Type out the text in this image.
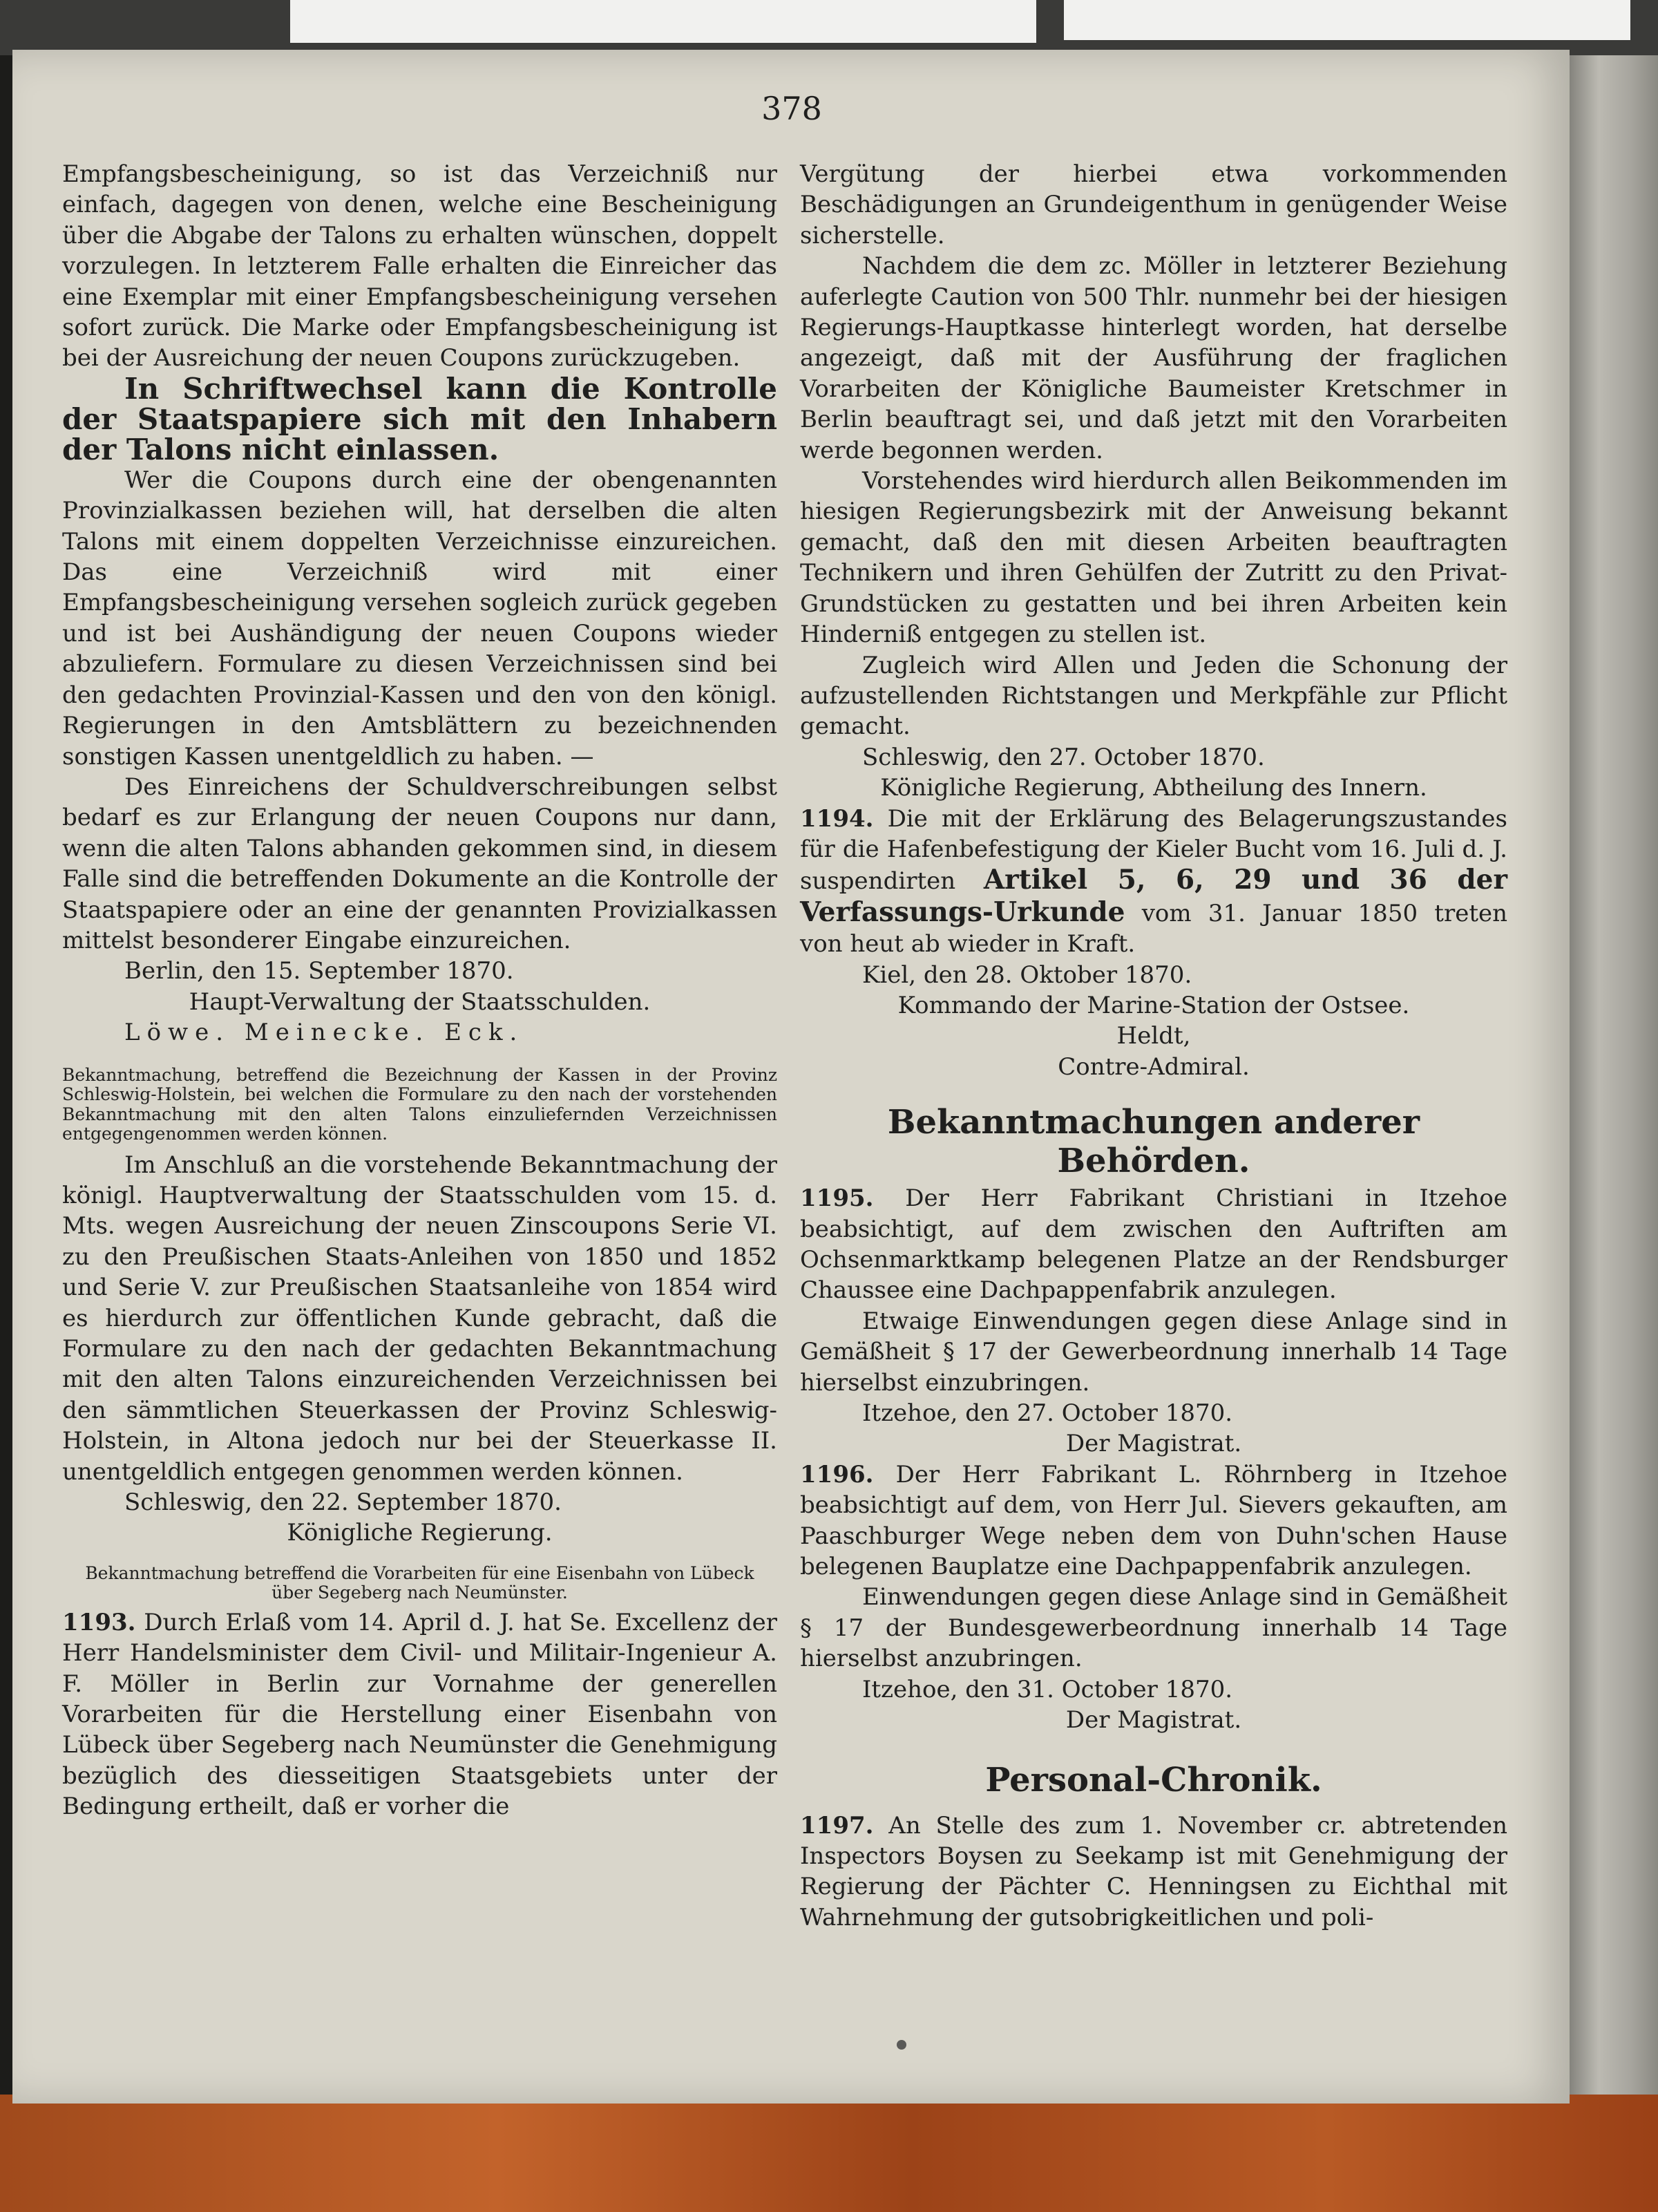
378

Empfangsbescheinigung, so ist das Verzeichniß nur einfach, dagegen von denen, welche eine Bescheinigung über die Abgabe der Talons zu erhalten wünschen, doppelt vorzulegen. In letzterem Falle erhalten die Einreicher das eine Exemplar mit einer Empfangsbescheinigung versehen sofort zurück. Die Marke oder Empfangsbescheinigung ist bei der Ausreichung der neuen Coupons zurückzugeben.

In Schriftwechsel kann die Kontrolle der Staatspapiere sich mit den Inhabern der Talons nicht einlassen.

Wer die Coupons durch eine der obengenannten Provinzialkassen beziehen will, hat derselben die alten Talons mit einem doppelten Verzeichnisse einzureichen. Das eine Verzeichniß wird mit einer Empfangsbescheinigung versehen sogleich zurück gegeben und ist bei Aushändigung der neuen Coupons wieder abzuliefern. Formulare zu diesen Verzeichnissen sind bei den gedachten Provinzial-Kassen und den von den königl. Regierungen in den Amtsblättern zu bezeichnenden sonstigen Kassen unentgeldlich zu haben. —

Des Einreichens der Schuldverschreibungen selbst bedarf es zur Erlangung der neuen Coupons nur dann, wenn die alten Talons abhanden gekommen sind, in diesem Falle sind die betreffenden Dokumente an die Kontrolle der Staatspapiere oder an eine der genannten Provizialkassen mittelst besonderer Eingabe einzureichen.

Berlin, den 15. September 1870.

Haupt-Verwaltung der Staatsschulden.

Löwe. Meinecke. Eck.

Bekanntmachung, betreffend die Bezeichnung der Kassen in der Provinz Schleswig-Holstein, bei welchen die Formulare zu den nach der vorstehenden Bekanntmachung mit den alten Talons einzuliefernden Verzeichnissen entgegengenommen werden können.

Im Anschluß an die vorstehende Bekanntmachung der königl. Hauptverwaltung der Staatsschulden vom 15. d. Mts. wegen Ausreichung der neuen Zinscoupons Serie VI. zu den Preußischen Staats-Anleihen von 1850 und 1852 und Serie V. zur Preußischen Staatsanleihe von 1854 wird es hierdurch zur öffentlichen Kunde gebracht, daß die Formulare zu den nach der gedachten Bekanntmachung mit den alten Talons einzureichenden Verzeichnissen bei den sämmtlichen Steuerkassen der Provinz Schleswig-Holstein, in Altona jedoch nur bei der Steuerkasse II. unentgeldlich entgegen genommen werden können.

Schleswig, den 22. September 1870.

Königliche Regierung.

Bekanntmachung betreffend die Vorarbeiten für eine Eisenbahn von Lübeck über Segeberg nach Neumünster.

1193. Durch Erlaß vom 14. April d. J. hat Se. Excellenz der Herr Handelsminister dem Civil- und Militair-Ingenieur A. F. Möller in Berlin zur Vornahme der generellen Vorarbeiten für die Herstellung einer Eisenbahn von Lübeck über Segeberg nach Neumünster die Genehmigung bezüglich des diesseitigen Staatsgebiets unter der Bedingung ertheilt, daß er vorher die

Vergütung der hierbei etwa vorkommenden Beschädigungen an Grundeigenthum in genügender Weise sicherstelle.

Nachdem die dem zc. Möller in letzterer Beziehung auferlegte Caution von 500 Thlr. nunmehr bei der hiesigen Regierungs-Hauptkasse hinterlegt worden, hat derselbe angezeigt, daß mit der Ausführung der fraglichen Vorarbeiten der Königliche Baumeister Kretschmer in Berlin beauftragt sei, und daß jetzt mit den Vorarbeiten werde begonnen werden.

Vorstehendes wird hierdurch allen Beikommenden im hiesigen Regierungsbezirk mit der Anweisung bekannt gemacht, daß den mit diesen Arbeiten beauftragten Technikern und ihren Gehülfen der Zutritt zu den Privat-Grundstücken zu gestatten und bei ihren Arbeiten kein Hinderniß entgegen zu stellen ist.

Zugleich wird Allen und Jeden die Schonung der aufzustellenden Richtstangen und Merkpfähle zur Pflicht gemacht.

Schleswig, den 27. October 1870.

Königliche Regierung, Abtheilung des Innern.

1194. Die mit der Erklärung des Belagerungszustandes für die Hafenbefestigung der Kieler Bucht vom 16. Juli d. J. suspendirten Artikel 5, 6, 29 und 36 der Verfassungs-Urkunde vom 31. Januar 1850 treten von heut ab wieder in Kraft.

Kiel, den 28. Oktober 1870.

Kommando der Marine-Station der Ostsee.

Heldt,

Contre-Admiral.

Bekanntmachungen anderer Behörden.

1195. Der Herr Fabrikant Christiani in Itzehoe beabsichtigt, auf dem zwischen den Auftriften am Ochsenmarktkamp belegenen Platze an der Rendsburger Chaussee eine Dachpappenfabrik anzulegen.

Etwaige Einwendungen gegen diese Anlage sind in Gemäßheit § 17 der Gewerbeordnung innerhalb 14 Tage hierselbst einzubringen.

Itzehoe, den 27. October 1870.

Der Magistrat.

1196. Der Herr Fabrikant L. Röhrnberg in Itzehoe beabsichtigt auf dem, von Herr Jul. Sievers gekauften, am Paaschburger Wege neben dem von Duhn'schen Hause belegenen Bauplatze eine Dachpappenfabrik anzulegen.

Einwendungen gegen diese Anlage sind in Gemäßheit § 17 der Bundesgewerbeordnung innerhalb 14 Tage hierselbst anzubringen.

Itzehoe, den 31. October 1870.

Der Magistrat.

Personal-Chronik.

1197. An Stelle des zum 1. November cr. abtretenden Inspectors Boysen zu Seekamp ist mit Genehmigung der Regierung der Pächter C. Henningsen zu Eichthal mit Wahrnehmung der gutsobrigkeitlichen und poli-
